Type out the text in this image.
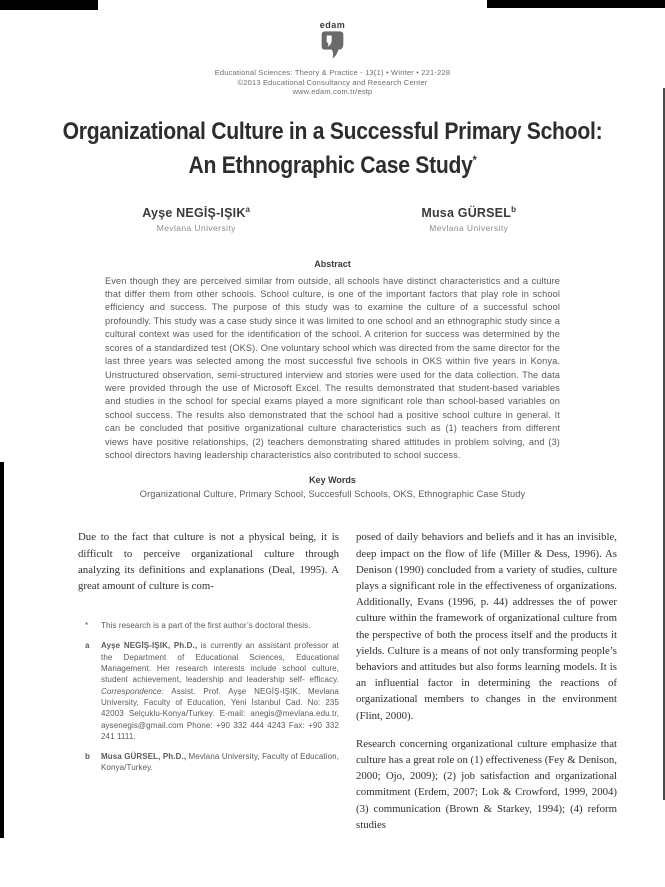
edam
Educational Sciences: Theory & Practice - 13(1) • Winter • 221-228
©2013 Educational Consultancy and Research Center
www.edam.com.tr/estp
Organizational Culture in a Successful Primary School:
An Ethnographic Case Study*
Ayşe NEGİŞ-IŞIK$^a$
Mevlana University
Musa GÜRSEL$^b$
Mevlana University
Abstract
Even though they are perceived similar from outside, all schools have distinct characteristics and a culture that differ them from other schools. School culture, is one of the important factors that play role in school efficiency and success. The purpose of this study was to examine the culture of a successful school profoundly. This study was a case study since it was limited to one school and an ethnographic study since a cultural context was used for the identification of the school. A criterion for success was determined by the scores of a standardized test (OKS). One voluntary school which was directed from the same director for the last three years was selected among the most successful five schools in OKS within five years in Konya. Unstructured observation, semi-structured interview and stories were used for the data collection. The data were provided through the use of Microsoft Excel. The results demonstrated that student-based variables and studies in the school for special exams played a more significant role than school-based variables on school success. The results also demonstrated that the school had a positive school culture in general. It can be concluded that positive organizational culture characteristics such as (1) teachers from different views have positive relationships, (2) teachers demonstrating shared attitudes in problem solving, and (3) school directors having leadership characteristics also contributed to school success.
Key Words
Organizational Culture, Primary School, Succesfull Schools, OKS, Ethnographic Case Study

Due to the fact that culture is not a physical being, it is difficult to perceive organizational culture through analyzing its definitions and explanations (Deal, 1995). A great amount of culture is com-

*	This research is a part of the first author’s doctoral thesis.
a	Ayşe NEGİŞ-IŞIK, Ph.D., is currently an assistant professor at the Department of Educational Sciences, Educational Management. Her research interests include school culture, student achievement, leadership and leadership self- efficacy. Correspondence: Assist. Prof. Ayşe NEGİŞ-IŞIK, Mevlana University, Faculty of Education, Yeni İstanbul Cad. No: 235 42003 Selçuklu-Konya/Turkey. E-mail: anegis@mevlana.edu.tr, aysenegis@gmail.com Phone: +90 332 444 4243 Fax: +90 332 241 1111.
b	Musa GÜRSEL, Ph.D., Mevlana University, Faculty of Education, Konya/Turkey.

posed of daily behaviors and beliefs and it has an invisible, deep impact on the flow of life (Miller & Dess, 1996). As Denison (1990) concluded from a variety of studies, culture plays a significant role in the effectiveness of organizations. Additionally, Evans (1996, p. 44) addresses the of power culture within the framework of organizational culture from the perspective of both the process itself and the products it yields. Culture is a means of not only transforming people’s behaviors and attitudes but also forms learning models. It is an influential factor in determining the reactions of organizational members to changes in the environment (Flint, 2000).

Research concerning organizational culture emphasize that culture has a great role on (1) effectiveness (Fey & Denison, 2000; Ojo, 2009); (2) job satisfaction and organizational commitment (Erdem, 2007; Lok & Crowford, 1999, 2004) (3) communication (Brown & Starkey, 1994); (4) reform studies
